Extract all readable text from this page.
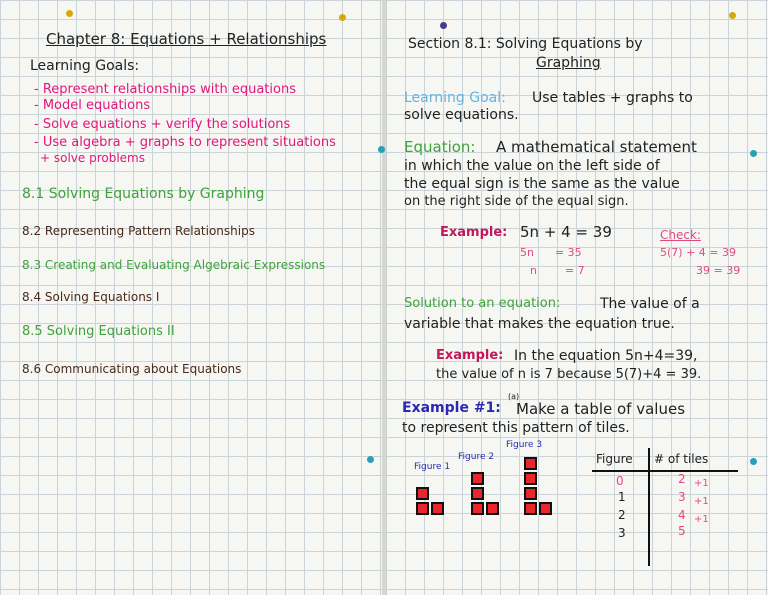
Chapter 8: Equations + Relationships
Learning Goals:
- Represent relationships with equations
- Model equations
- Solve equations + verify the solutions
- Use algebra + graphs to represent situations
+ solve problems
8.1 Solving Equations by Graphing
8.2 Representing Pattern Relationships
8.3 Creating and Evaluating Algebraic Expressions
8.4 Solving Equations I
8.5 Solving Equations II
8.6 Communicating about Equations
Section 8.1: Solving Equations by
Graphing
Learning Goal: Use tables + graphs to
solve equations.
Equation: A mathematical statement
in which the value on the left side of
the equal sign is the same as the value
on the right side of the equal sign.
Example: 5n + 4 = 39
5n      = 35
n        = 7
Check:
5(7) + 4 = 39
39 = 39
Solution to an equation:	The value of a
variable that makes the equation true.
Example: In the equation 5n+4=39,
the value of n is 7 because 5(7)+4 = 39.
Example #1:
(a)
Make a table of values
to represent this pattern of tiles.
Figure 1
Figure 2
Figure 3
Figure # of tiles
0
1
2
3
2
3
4
5
+1
+1
+1
